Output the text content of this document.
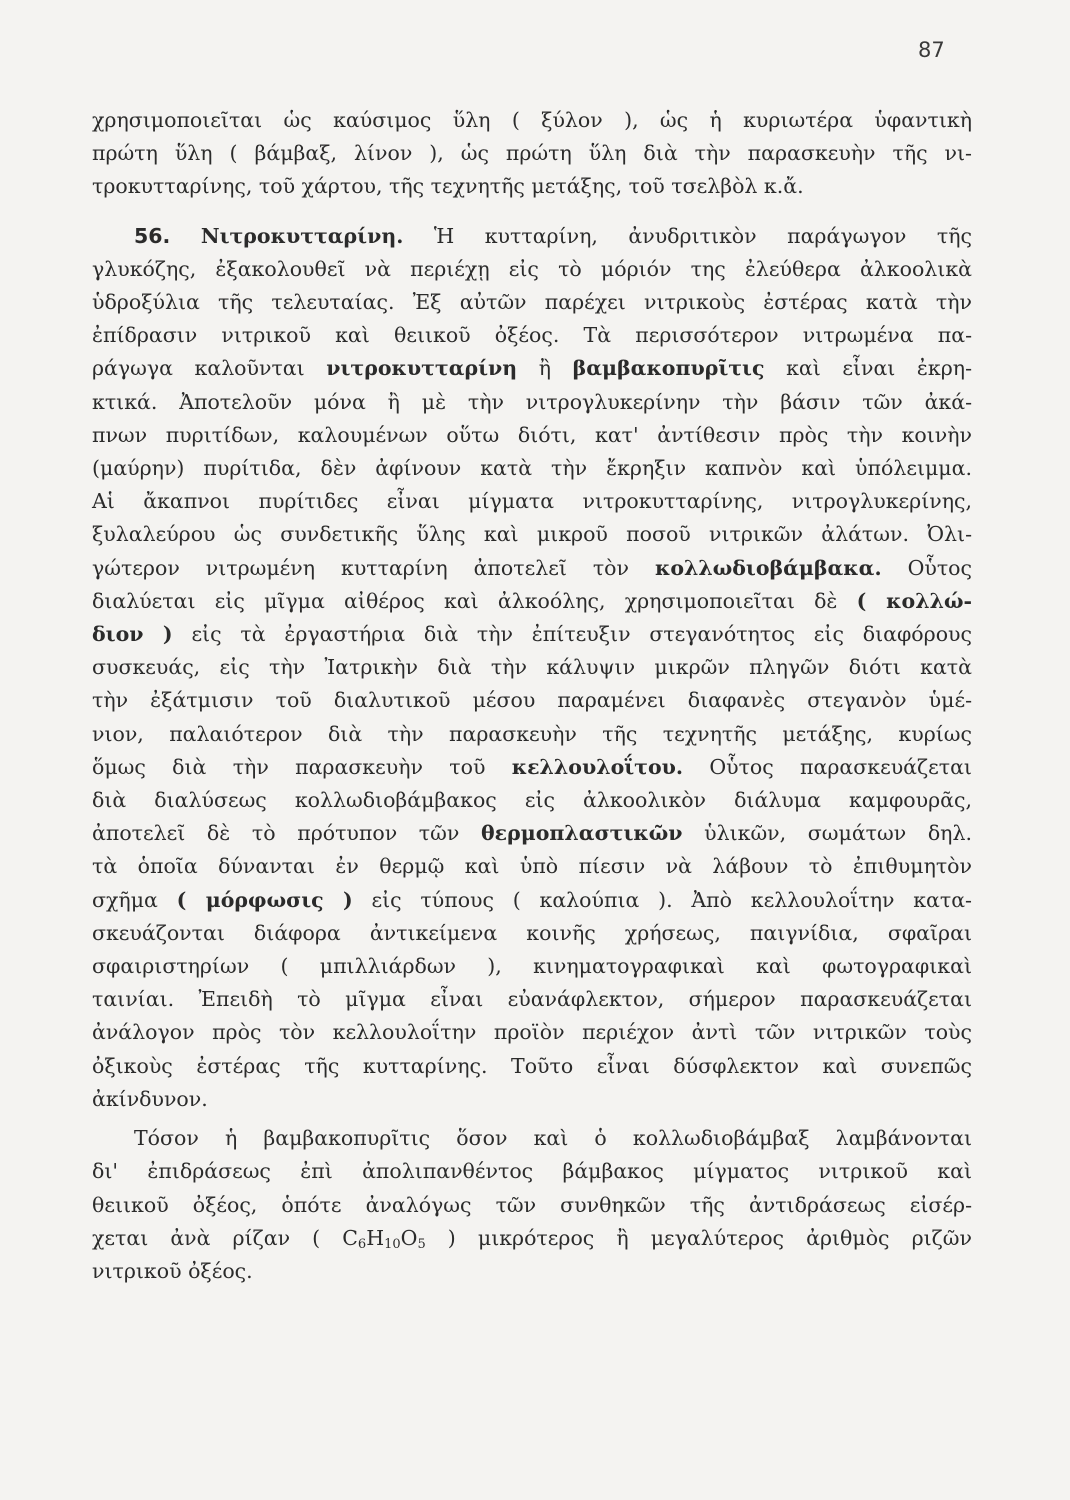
87
χρησιμοποιεῖται ὡς καύσιμος ὕλη ( ξύλον ), ὡς ἡ κυριωτέρα ὑφαντικὴ
πρώτη ὕλη ( βάμβαξ, λίνον ), ὡς πρώτη ὕλη διὰ τὴν παρασκευὴν τῆς νι-
τροκυτταρίνης, τοῦ χάρτου, τῆς τεχνητῆς μετάξης, τοῦ τσελβὸλ κ.ἄ.
56. Νιτροκυτταρίνη. Ἡ κυτταρίνη, ἀνυδριτικὸν παράγωγον τῆς
γλυκόζης, ἐξακολουθεῖ νὰ περιέχῃ εἰς τὸ μόριόν της ἐλεύθερα ἀλκοολικὰ
ὑδροξύλια τῆς τελευταίας. Ἐξ αὐτῶν παρέχει νιτρικοὺς ἐστέρας κατὰ τὴν
ἐπίδρασιν νιτρικοῦ καὶ θειικοῦ ὀξέος. Τὰ περισσότερον νιτρωμένα πα-
ράγωγα καλοῦνται νιτροκυτταρίνη ἢ βαμβακοπυρῖτις καὶ εἶναι ἐκρη-
κτικά. Ἀποτελοῦν μόνα ἢ μὲ τὴν νιτρογλυκερίνην τὴν βάσιν τῶν ἀκά-
πνων πυριτίδων, καλουμένων οὕτω διότι, κατ' ἀντίθεσιν πρὸς τὴν κοινὴν
(μαύρην) πυρίτιδα, δὲν ἀφίνουν κατὰ τὴν ἔκρηξιν καπνὸν καὶ ὑπόλειμμα.
Αἱ ἄκαπνοι πυρίτιδες εἶναι μίγματα νιτροκυτταρίνης, νιτρογλυκερίνης,
ξυλαλεύρου ὡς συνδετικῆς ὕλης καὶ μικροῦ ποσοῦ νιτρικῶν ἀλάτων. Ὀλι-
γώτερον νιτρωμένη κυτταρίνη ἀποτελεῖ τὸν κολλωδιοβάμβακα. Οὗτος
διαλύεται εἰς μῖγμα αἰθέρος καὶ ἀλκοόλης, χρησιμοποιεῖται δὲ ( κολλώ-
διον ) εἰς τὰ ἐργαστήρια διὰ τὴν ἐπίτευξιν στεγανότητος εἰς διαφόρους
συσκευάς, εἰς τὴν Ἰατρικὴν διὰ τὴν κάλυψιν μικρῶν πληγῶν διότι κατὰ
τὴν ἐξάτμισιν τοῦ διαλυτικοῦ μέσου παραμένει διαφανὲς στεγανὸν ὑμέ-
νιον, παλαιότερον διὰ τὴν παρασκευὴν τῆς τεχνητῆς μετάξης, κυρίως
ὅμως διὰ τὴν παρασκευὴν τοῦ κελλουλοΐτου. Οὗτος παρασκευάζεται
διὰ διαλύσεως κολλωδιοβάμβακος εἰς ἀλκοολικὸν διάλυμα καμφουρᾶς,
ἀποτελεῖ δὲ τὸ πρότυπον τῶν θερμοπλαστικῶν ὑλικῶν, σωμάτων δηλ.
τὰ ὁποῖα δύνανται ἐν θερμῷ καὶ ὑπὸ πίεσιν νὰ λάβουν τὸ ἐπιθυμητὸν
σχῆμα ( μόρφωσις ) εἰς τύπους ( καλούπια ). Ἀπὸ κελλουλοΐτην κατα-
σκευάζονται διάφορα ἀντικείμενα κοινῆς χρήσεως, παιγνίδια, σφαῖραι
σφαιριστηρίων ( μπιλλιάρδων ), κινηματογραφικαὶ καὶ φωτογραφικαὶ
ταινίαι. Ἐπειδὴ τὸ μῖγμα εἶναι εὐανάφλεκτον, σήμερον παρασκευάζεται
ἀνάλογον πρὸς τὸν κελλουλοΐτην προϊὸν περιέχον ἀντὶ τῶν νιτρικῶν τοὺς
ὀξικοὺς ἐστέρας τῆς κυτταρίνης. Τοῦτο εἶναι δύσφλεκτον καὶ συνεπῶς
ἀκίνδυνον.
Τόσον ἡ βαμβακοπυρῖτις ὅσον καὶ ὁ κολλωδιοβάμβαξ λαμβάνονται
δι' ἐπιδράσεως ἐπὶ ἀπολιπανθέντος βάμβακος μίγματος νιτρικοῦ καὶ
θειικοῦ ὀξέος, ὁπότε ἀναλόγως τῶν συνθηκῶν τῆς ἀντιδράσεως εἰσέρ-
χεται ἀνὰ ρίζαν ( $C_6H_{10}O_5$ ) μικρότερος ἢ μεγαλύτερος ἀριθμὸς ριζῶν
νιτρικοῦ ὀξέος.
